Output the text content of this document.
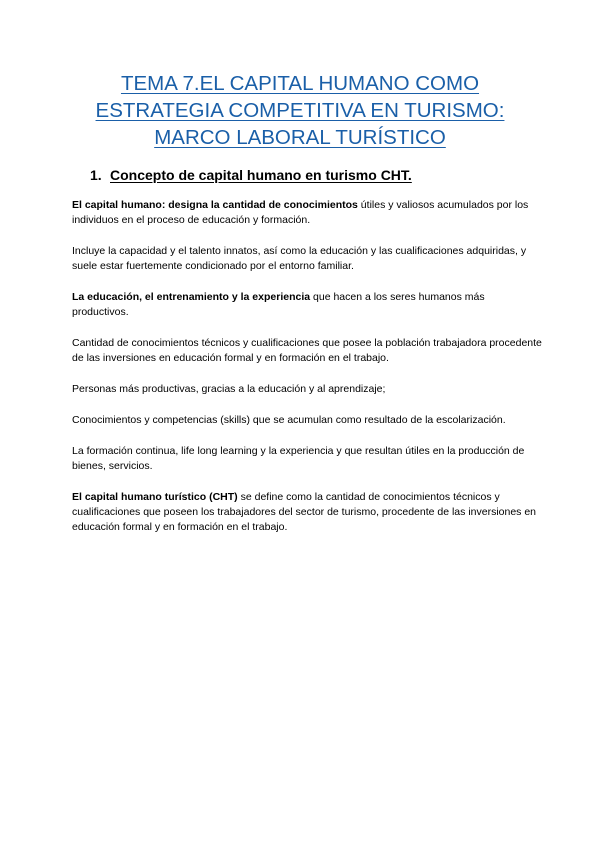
TEMA 7.EL CAPITAL HUMANO COMO
ESTRATEGIA COMPETITIVA EN TURISMO:
MARCO LABORAL TURÍSTICO
1. Concepto de capital humano en turismo CHT.

El capital humano: designa la cantidad de conocimientos útiles y valiosos acumulados por los individuos en el proceso de educación y formación.

Incluye la capacidad y el talento innatos, así como la educación y las cualificaciones adquiridas, y suele estar fuertemente condicionado por el entorno familiar.

La educación, el entrenamiento y la experiencia que hacen a los seres humanos más productivos.

Cantidad de conocimientos técnicos y cualificaciones que posee la población trabajadora procedente de las inversiones en educación formal y en formación en el trabajo.

Personas más productivas, gracias a la educación y al aprendizaje;

Conocimientos y competencias (skills) que se acumulan como resultado de la escolarización.

La formación continua, life long learning y la experiencia y que resultan útiles en la producción de bienes, servicios.

El capital humano turístico (CHT) se define como la cantidad de conocimientos técnicos y cualificaciones que poseen los trabajadores del sector de turismo, procedente de las inversiones en educación formal y en formación en el trabajo.
